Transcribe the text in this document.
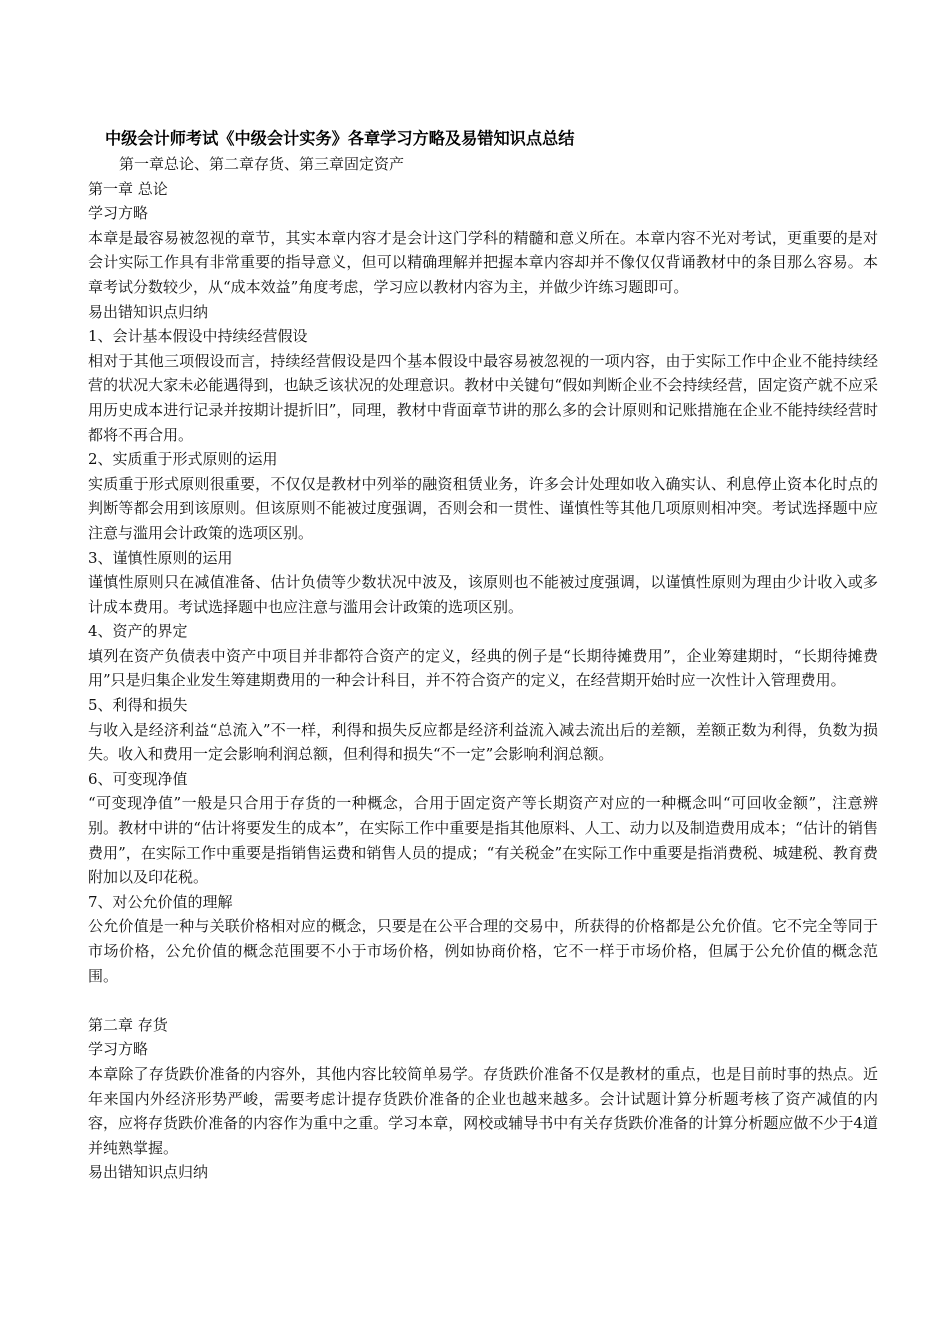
中级会计师考试《中级会计实务》各章学习方略及易错知识点总结
第一章总论、第二章存货、第三章固定资产
第一章 总论
学习方略

本章是最容易被忽视的章节，其实本章内容才是会计这门学科的精髓和意义所在。本章内容不光对考试，更重要的是对会计实际工作具有非常重要的指导意义，但可以精确理解并把握本章内容却并不像仅仅背诵教材中的条目那么容易。本章考试分数较少，从“成本效益”角度考虑，学习应以教材内容为主，并做少许练习题即可。

易出错知识点归纳
1、会计基本假设中持续经营假设

相对于其他三项假设而言，持续经营假设是四个基本假设中最容易被忽视的一项内容，由于实际工作中企业不能持续经营的状况大家未必能遇得到，也缺乏该状况的处理意识。教材中关键句“假如判断企业不会持续经营，固定资产就不应采用历史成本进行记录并按期计提折旧”，同理，教材中背面章节讲的那么多的会计原则和记账措施在企业不能持续经营时都将不再合用。

2、实质重于形式原则的运用

实质重于形式原则很重要，不仅仅是教材中列举的融资租赁业务，许多会计处理如收入确实认、利息停止资本化时点的判断等都会用到该原则。但该原则不能被过度强调，否则会和一贯性、谨慎性等其他几项原则相冲突。考试选择题中应注意与滥用会计政策的选项区别。

3、谨慎性原则的运用

谨慎性原则只在减值准备、估计负债等少数状况中波及，该原则也不能被过度强调，以谨慎性原则为理由少计收入或多计成本费用。考试选择题中也应注意与滥用会计政策的选项区别。

4、资产的界定

填列在资产负债表中资产中项目并非都符合资产的定义，经典的例子是“长期待摊费用”，企业筹建期时，“长期待摊费用”只是归集企业发生筹建期费用的一种会计科目，并不符合资产的定义，在经营期开始时应一次性计入管理费用。

5、利得和损失

与收入是经济利益“总流入”不一样，利得和损失反应都是经济利益流入减去流出后的差额，差额正数为利得，负数为损失。收入和费用一定会影响利润总额，但利得和损失“不一定”会影响利润总额。

6、可变现净值

“可变现净值”一般是只合用于存货的一种概念，合用于固定资产等长期资产对应的一种概念叫“可回收金额”，注意辨别。教材中讲的“估计将要发生的成本”，在实际工作中重要是指其他原料、人工、动力以及制造费用成本；“估计的销售费用”，在实际工作中重要是指销售运费和销售人员的提成；“有关税金”在实际工作中重要是指消费税、城建税、教育费附加以及印花税。

7、对公允价值的理解

公允价值是一种与关联价格相对应的概念，只要是在公平合理的交易中，所获得的价格都是公允价值。它不完全等同于市场价格，公允价值的概念范围要不小于市场价格，例如协商价格，它不一样于市场价格，但属于公允价值的概念范围。

第二章 存货
学习方略

本章除了存货跌价准备的内容外，其他内容比较简单易学。存货跌价准备不仅是教材的重点，也是目前时事的热点。近年来国内外经济形势严峻，需要考虑计提存货跌价准备的企业也越来越多。会计试题计算分析题考核了资产减值的内容，应将存货跌价准备的内容作为重中之重。学习本章，网校或辅导书中有关存货跌价准备的计算分析题应做不少于4道并纯熟掌握。

易出错知识点归纳
